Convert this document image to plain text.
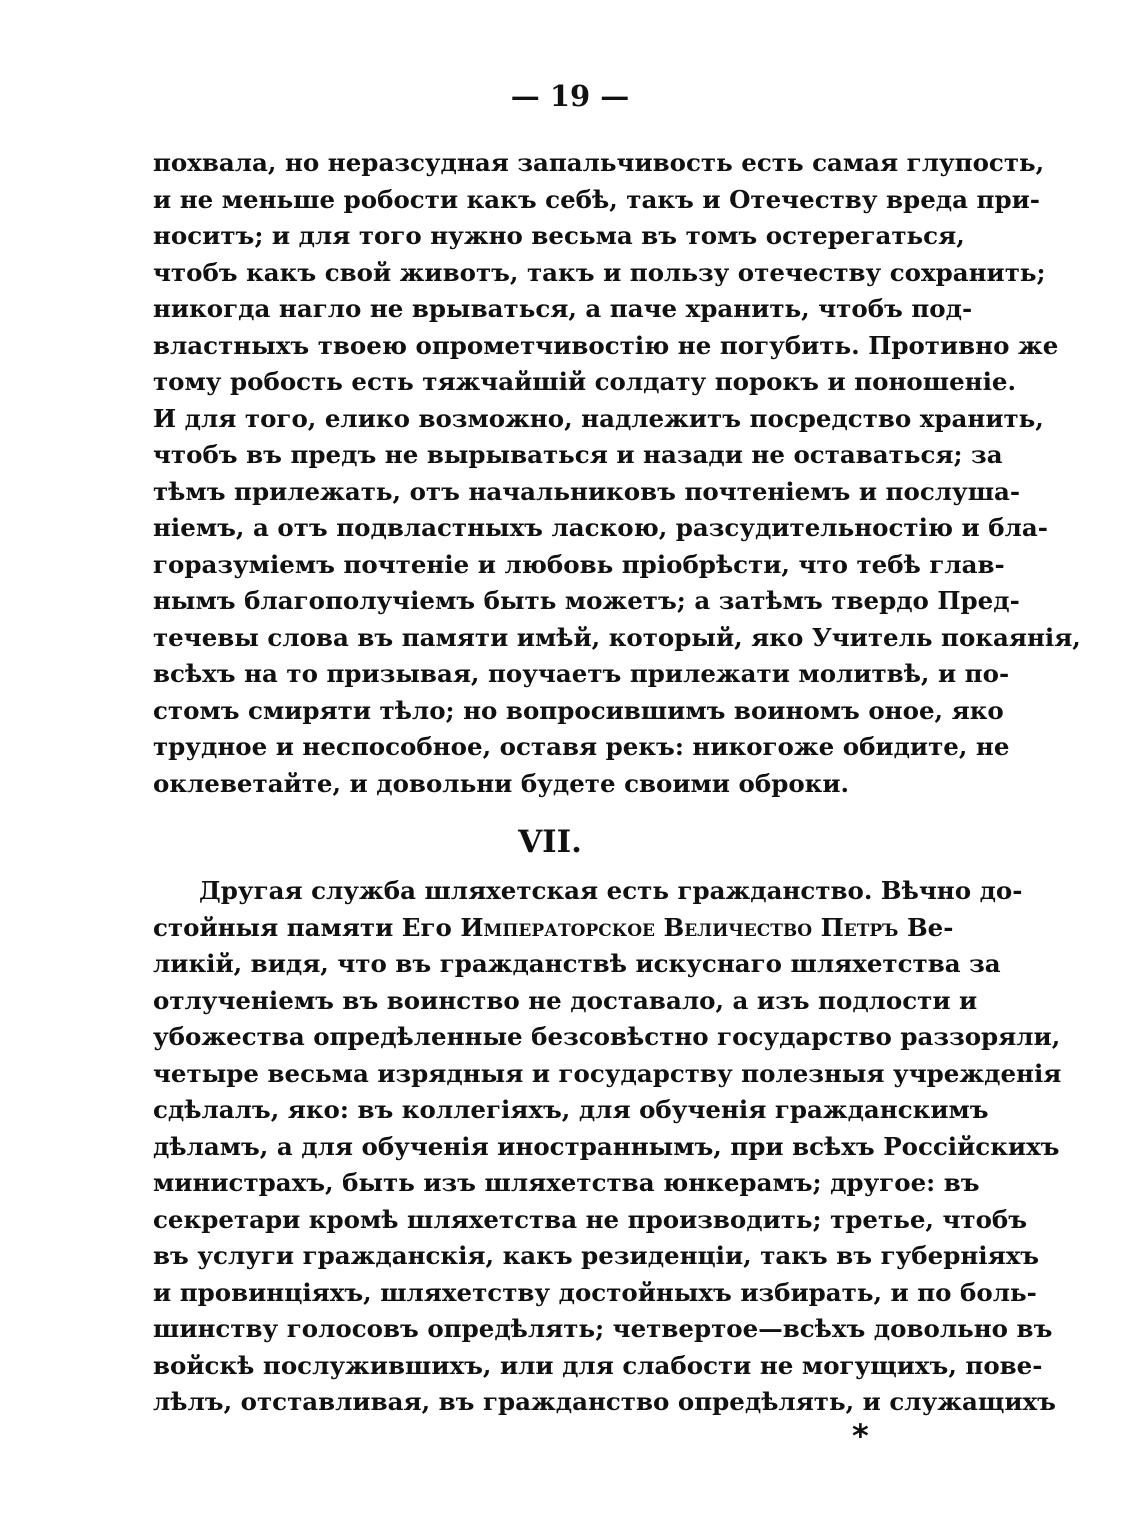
— 19 —
похвала, но неразсудная запальчивость есть самая глупость,
и не меньше робости какъ себѣ, такъ и Отечеству вреда при-
носитъ; и для того нужно весьма въ томъ остерегаться,
чтобъ какъ свой животъ, такъ и пользу отечеству сохранить;
никогда нагло не врываться, а паче хранить, чтобъ под-
властныхъ твоею опрометчивостiю не погубить. Противно же
тому робость есть тяжчайшiй солдату порокъ и поношенiе.
И для того, елико возможно, надлежитъ посредство хранить,
чтобъ въ предъ не вырываться и назади не оставаться; за
тѣмъ прилежать, отъ начальниковъ почтенiемъ и послуша-
нiемъ, а отъ подвластныхъ ласкою, разсудительностiю и бла-
горазумiемъ почтенiе и любовь прiобрѣсти, что тебѣ глав-
нымъ благополучiемъ быть можетъ; а затѣмъ твердо Пред-
течевы слова въ памяти имѣй, который, яко Учитель покаянiя,
всѣхъ на то призывая, поучаетъ прилежати молитвѣ, и по-
стомъ смиряти тѣло; но вопросившимъ воиномъ оное, яко
трудное и неспособное, оставя рекъ: никогоже обидите, не
оклеветайте, и довольни будете своими оброки.
VII.
Другая служба шляхетская есть гражданство. Вѣчно до-
стойныя памяти Его Императорское Величество Петръ Ве-
ликiй, видя, что въ гражданствѣ искуснаго шляхетства за
отлученiемъ въ воинство не доставало, а изъ подлости и
убожества опредѣленные безсовѣстно государство раззоряли,
четыре весьма изрядныя и государству полезныя учрежденiя
сдѣлалъ, яко: въ коллегiяхъ, для обученiя гражданскимъ
дѣламъ, а для обученiя иностраннымъ, при всѣхъ Россiйскихъ
министрахъ, быть изъ шляхетства юнкерамъ; другое: въ
секретари кромѣ шляхетства не производить; третье, чтобъ
въ услуги гражданскiя, какъ резиденцiи, такъ въ губернiяхъ
и провинцiяхъ, шляхетству достойныхъ избирать, и по боль-
шинству голосовъ опредѣлять; четвертое—всѣхъ довольно въ
войскѣ послужившихъ, или для слабости не могущихъ, пове-
лѣлъ, отставливая, въ гражданство опредѣлять, и служащихъ
*
